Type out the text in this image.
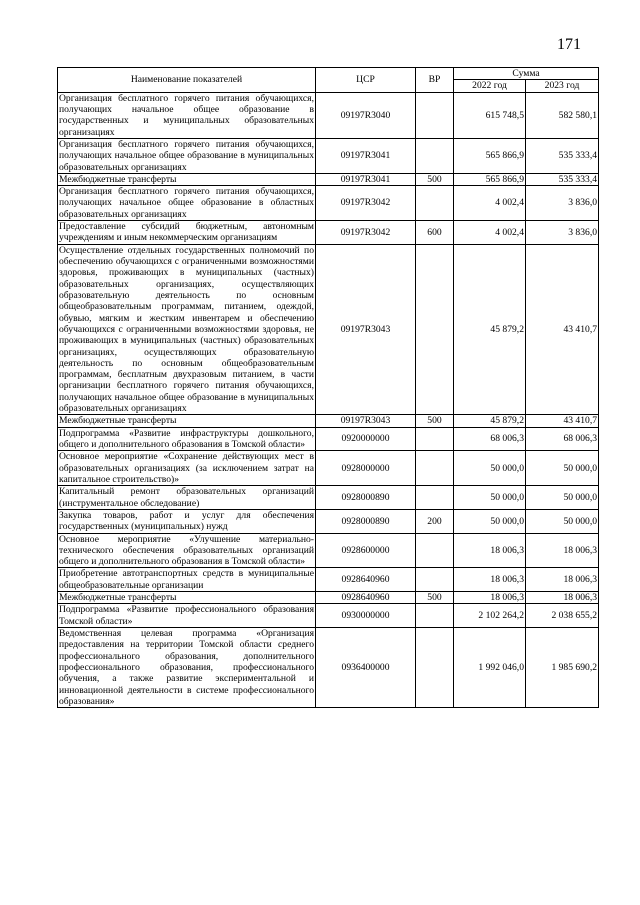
171
Наименование показателей	ЦСР	ВР	Сумма	
			2022 год	2023 год
Организация бесплатного горячего питания обучающихся, получающих начальное общее образование в государственных и муниципальных образовательных организациях	09197R3040		615 748,5	582 580,1
Организация бесплатного горячего питания обучающихся, получающих начальное общее образование в муниципальных образовательных организациях	09197R3041		565 866,9	535 333,4
Межбюджетные трансферты	09197R3041	500	565 866,9	535 333,4
Организация бесплатного горячего питания обучающихся, получающих начальное общее образование в областных образовательных организациях	09197R3042		4 002,4	3 836,0
Предоставление субсидий бюджетным, автономным учреждениям и иным некоммерческим организациям	09197R3042	600	4 002,4	3 836,0
Осуществление отдельных государственных полномочий по обеспечению обучающихся с ограниченными возможностями здоровья, проживающих в муниципальных (частных) образовательных организациях, осуществляющих образовательную деятельность по основным общеобразовательным программам, питанием, одеждой, обувью, мягким и жестким инвентарем и обеспечению обучающихся с ограниченными возможностями здоровья, не проживающих в муниципальных (частных) образовательных организациях, осуществляющих образовательную деятельность по основным общеобразовательным программам, бесплатным двухразовым питанием, в части организации бесплатного горячего питания обучающихся, получающих начальное общее образование в муниципальных образовательных организациях	09197R3043		45 879,2	43 410,7
Межбюджетные трансферты	09197R3043	500	45 879,2	43 410,7
Подпрограмма «Развитие инфраструктуры дошкольного, общего и дополнительного образования в Томской области»	0920000000		68 006,3	68 006,3
Основное мероприятие «Сохранение действующих мест в образовательных организациях (за исключением затрат на капитальное строительство)»	0928000000		50 000,0	50 000,0
Капитальный ремонт образовательных организаций (инструментальное обследование)	0928000890		50 000,0	50 000,0
Закупка товаров, работ и услуг для обеспечения государственных (муниципальных) нужд	0928000890	200	50 000,0	50 000,0
Основное мероприятие «Улучшение материально-технического обеспечения образовательных организаций общего и дополнительного образования в Томской области»	0928600000		18 006,3	18 006,3
Приобретение автотранспортных средств в муниципальные общеобразовательные организации	0928640960		18 006,3	18 006,3
Межбюджетные трансферты	0928640960	500	18 006,3	18 006,3
Подпрограмма «Развитие профессионального образования Томской области»	0930000000		2 102 264,2	2 038 655,2
Ведомственная целевая программа «Организация предоставления на территории Томской области среднего профессионального образования, дополнительного профессионального образования, профессионального обучения, а также развитие экспериментальной и инновационной деятельности в системе профессионального образования»	0936400000		1 992 046,0	1 985 690,2
